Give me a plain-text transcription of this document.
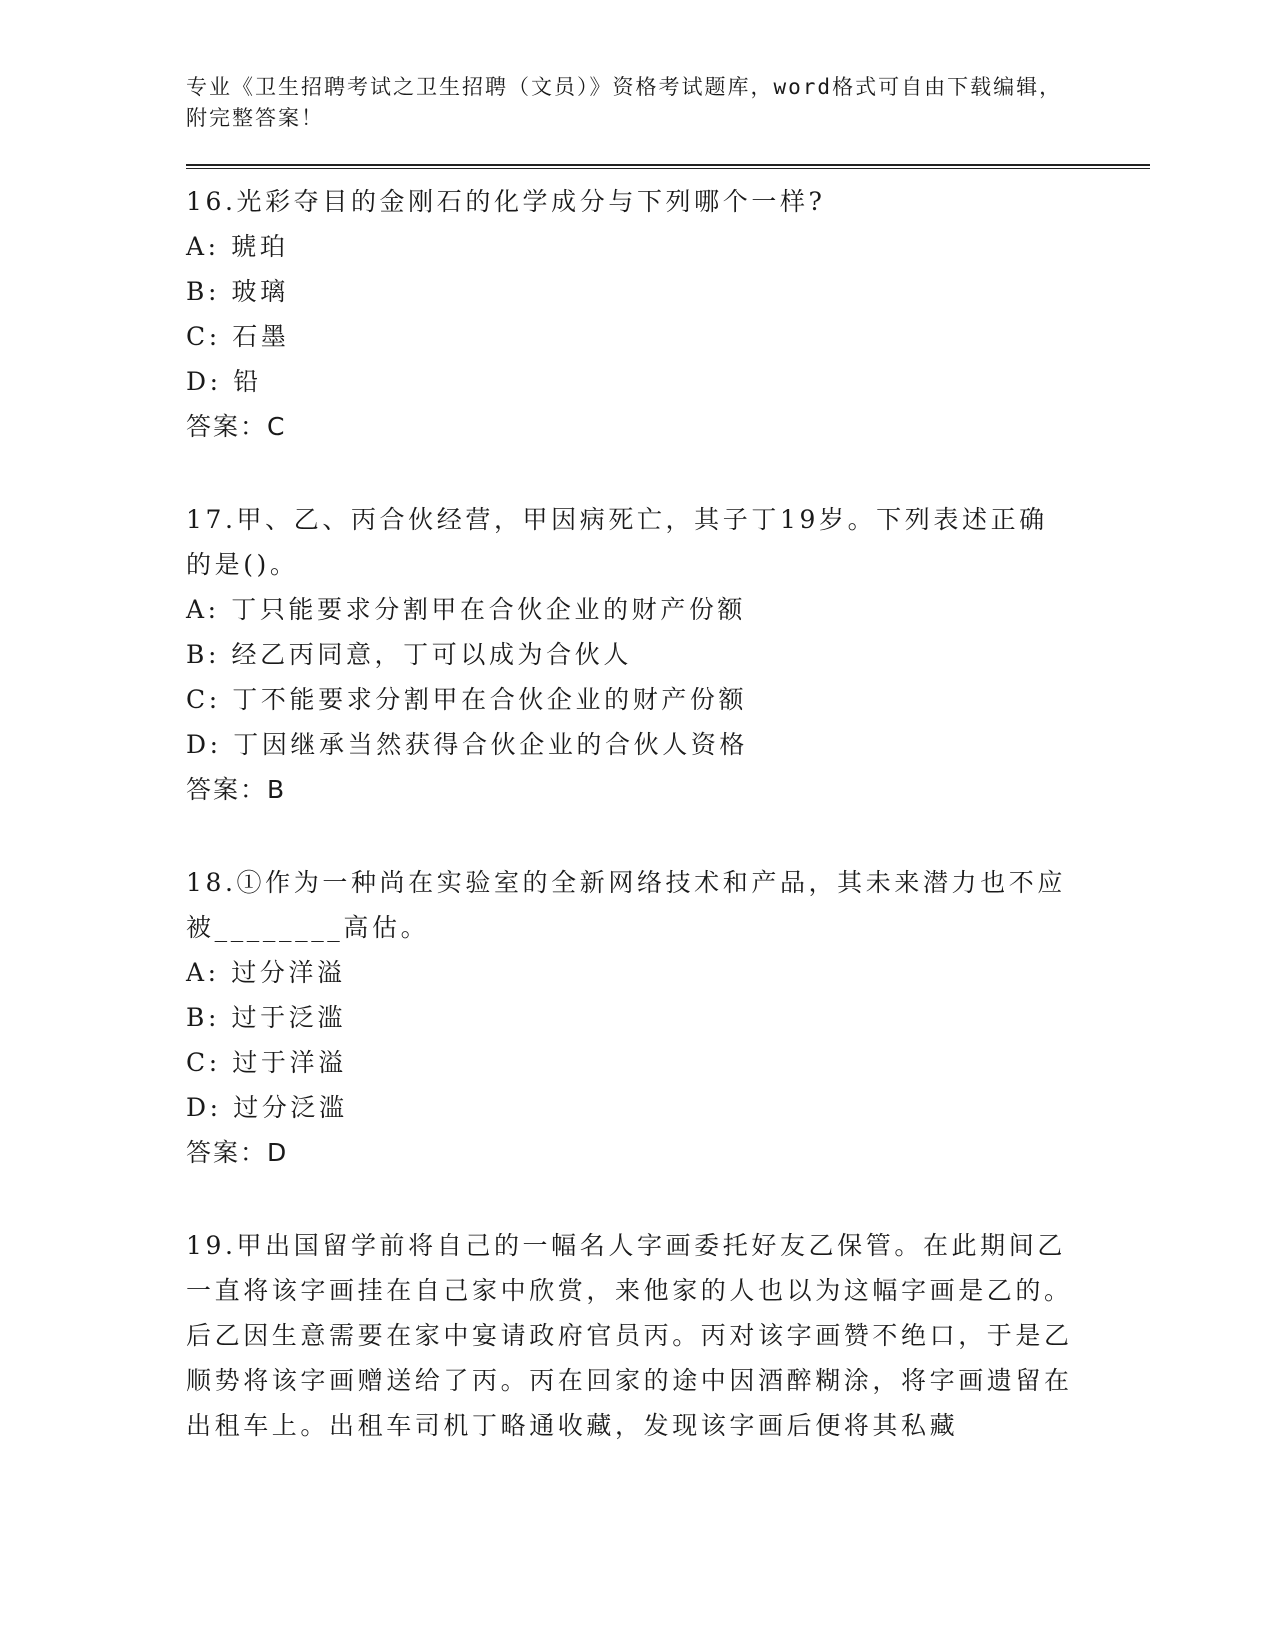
专业《卫生招聘考试之卫生招聘（文员）》资格考试题库，word格式可自由下载编辑，附完整答案！
16.光彩夺目的金刚石的化学成分与下列哪个一样?
A: 琥珀
B: 玻璃
C: 石墨
D: 铅
答案：C
17.甲、乙、丙合伙经营，甲因病死亡，其子丁19岁。下列表述正确的是()。
A: 丁只能要求分割甲在合伙企业的财产份额
B: 经乙丙同意，丁可以成为合伙人
C: 丁不能要求分割甲在合伙企业的财产份额
D: 丁因继承当然获得合伙企业的合伙人资格
答案：B
18.①作为一种尚在实验室的全新网络技术和产品，其未来潜力也不应被________高估。
A: 过分洋溢
B: 过于泛滥
C: 过于洋溢
D: 过分泛滥
答案：D
19.甲出国留学前将自己的一幅名人字画委托好友乙保管。在此期间乙一直将该字画挂在自己家中欣赏，来他家的人也以为这幅字画是乙的。后乙因生意需要在家中宴请政府官员丙。丙对该字画赞不绝口，于是乙顺势将该字画赠送给了丙。丙在回家的途中因酒醉糊涂，将字画遗留在出租车上。出租车司机丁略通收藏，发现该字画后便将其私藏
